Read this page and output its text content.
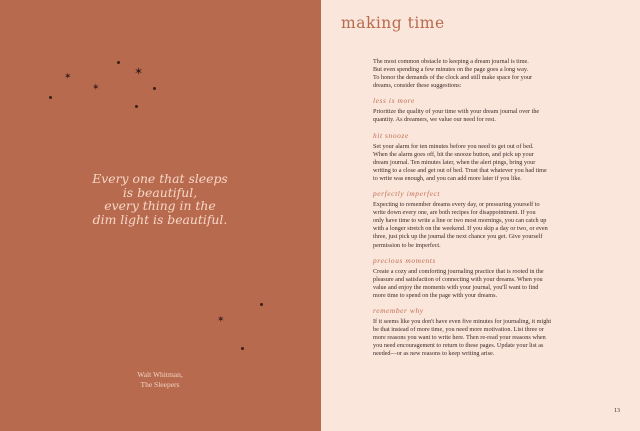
✶
✶
✶
✶
Every one that sleeps
is beautiful,
every thing in the
dim light is beautiful.
Walt Whitman,
The Sleepers
making time

The most common obstacle to keeping a dream journal is time.
But even spending a few minutes on the page goes a long way.
To honor the demands of the clock and still make space for your
dreams, consider these suggestions:

less is more

Prioritize the quality of your time with your dream journal over the
quantity. As dreamers, we value our need for rest.

hit snooze

Set your alarm for ten minutes before you need to get out of bed.
When the alarm goes off, hit the snooze button, and pick up your
dream journal. Ten minutes later, when the alert pings, bring your
writing to a close and get out of bed. Trust that whatever you had time
to write was enough, and you can add more later if you like.

perfectly imperfect

Expecting to remember dreams every day, or pressuring yourself to
write down every one, are both recipes for disappointment. If you
only have time to write a line or two most mornings, you can catch up
with a longer stretch on the weekend. If you skip a day or two, or even
three, just pick up the journal the next chance you get. Give yourself
permission to be imperfect.

precious moments

Create a cozy and comforting journaling practice that is rooted in the
pleasure and satisfaction of connecting with your dreams. When you
value and enjoy the moments with your journal, you'll want to find
more time to spend on the page with your dreams.

remember why

If it seems like you don't have even five minutes for journaling, it might
be that instead of more time, you need more motivation. List three or
more reasons you want to write here. Then re-read your reasons when
you need encouragement to return to these pages. Update your list as
needed—or as new reasons to keep writing arise.

13
